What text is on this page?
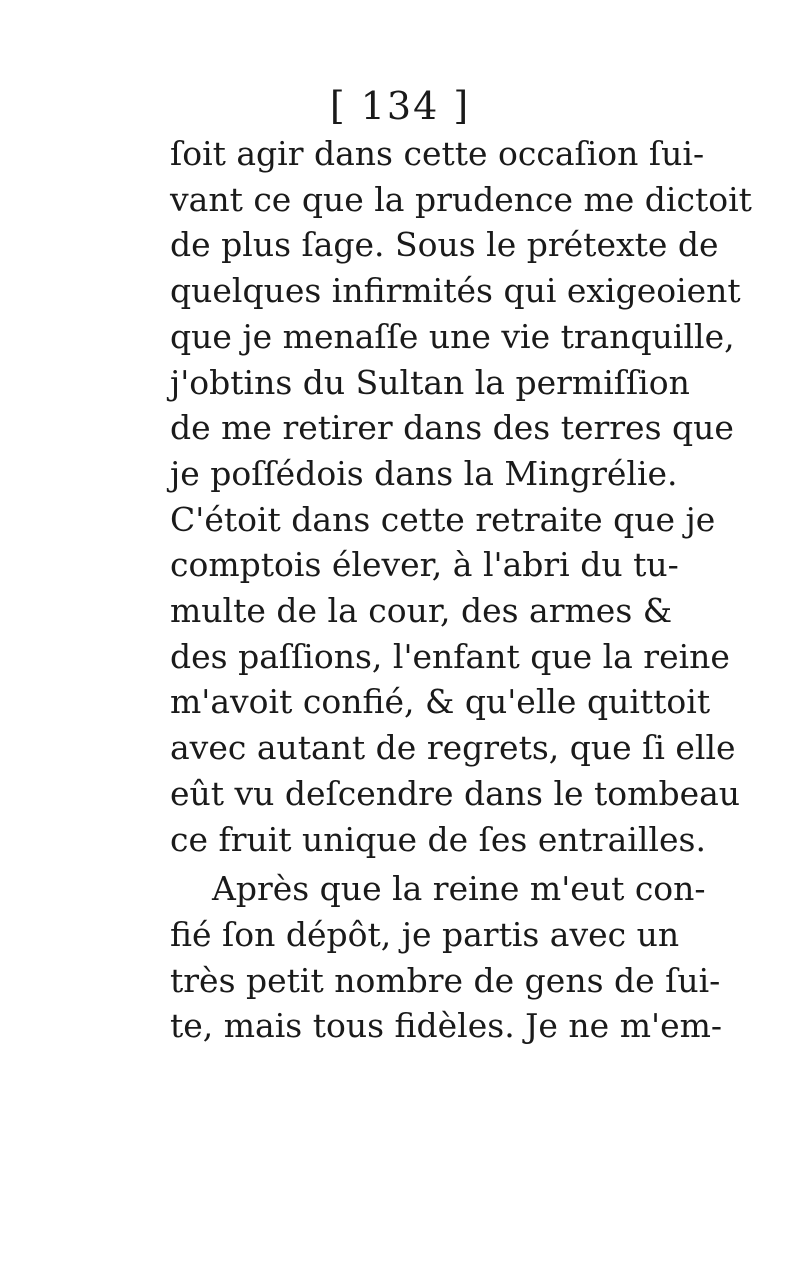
[ 134 ]
ſoit agir dans cette occaſion ſui-
vant ce que la prudence me dictoit
de plus ſage. Sous le prétexte de
quelques infirmités qui exigeoient
que je menaſſe une vie tranquille,
j'obtins du Sultan la permiſſion
de me retirer dans des terres que
je poſſédois dans la Mingrélie.
C'étoit dans cette retraite que je
comptois élever, à l'abri du tu-
multe de la cour, des armes &
des paſſions, l'enfant que la reine
m'avoit confié, & qu'elle quittoit
avec autant de regrets, que ſi elle
eût vu deſcendre dans le tombeau
ce fruit unique de ſes entrailles.
Après que la reine m'eut con-
fié ſon dépôt, je partis avec un
très petit nombre de gens de ſui-
te, mais tous fidèles. Je ne m'em-
